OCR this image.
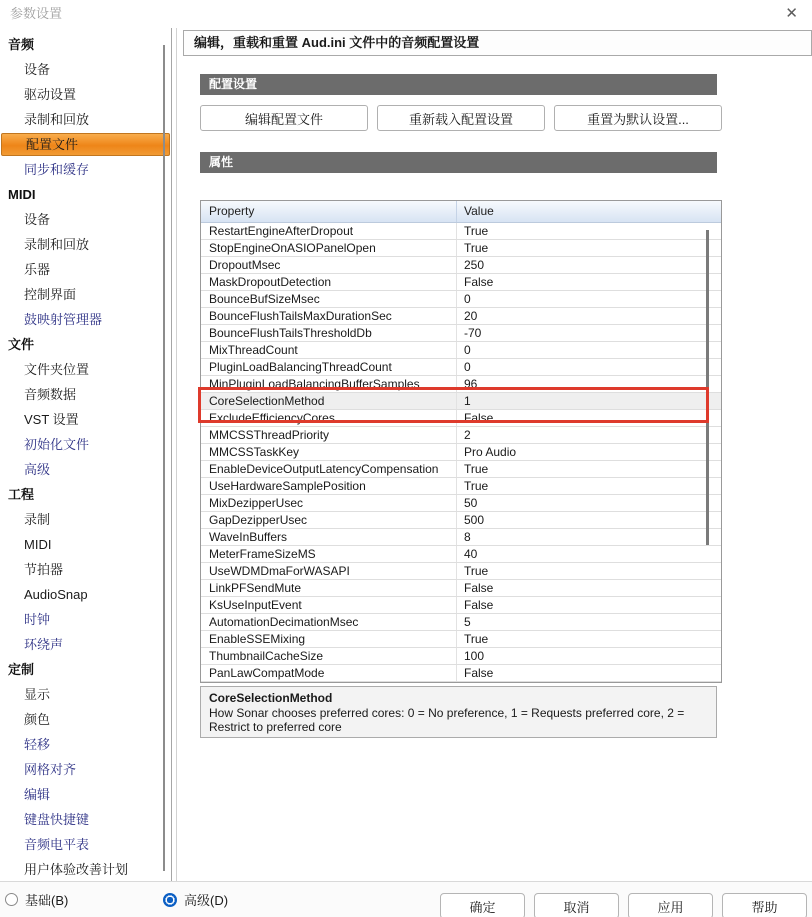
参数设置	✕
音频
设备
驱动设置
录制和回放
配置文件
同步和缓存
MIDI
设备
录制和回放
乐器
控制界面
鼓映射管理器
文件
文件夹位置
音频数据
VST 设置
初始化文件
高级
工程
录制
MIDI
节拍器
AudioSnap
时钟
环绕声
定制
显示
颜色
轻移
网格对齐
编辑
键盘快捷键
音频电平表
用户体验改善计划
编辑，重载和重置 Aud.ini 文件中的音频配置设置
配置设置
编辑配置文件	重新载入配置设置	重置为默认设置...
属性
Property	Value
RestartEngineAfterDropout	True
StopEngineOnASIOPanelOpen	True
DropoutMsec	250
MaskDropoutDetection	False
BounceBufSizeMsec	0
BounceFlushTailsMaxDurationSec	20
BounceFlushTailsThresholdDb	-70
MixThreadCount	0
PluginLoadBalancingThreadCount	0
MinPluginLoadBalancingBufferSamples	96
CoreSelectionMethod	1
ExcludeEfficiencyCores	False
MMCSSThreadPriority	2
MMCSSTaskKey	Pro Audio
EnableDeviceOutputLatencyCompensation	True
UseHardwareSamplePosition	True
MixDezipperUsec	50
GapDezipperUsec	500
WaveInBuffers	8
MeterFrameSizeMS	40
UseWDMDmaForWASAPI	True
LinkPFSendMute	False
KsUseInputEvent	False
AutomationDecimationMsec	5
EnableSSEMixing	True
ThumbnailCacheSize	100
PanLawCompatMode	False
CoreSelectionMethod
How Sonar chooses preferred cores: 0 = No preference, 1 = Requests preferred core, 2 = Restrict to preferred core
基础(B)	高级(D)	确定	取消	应用	帮助
